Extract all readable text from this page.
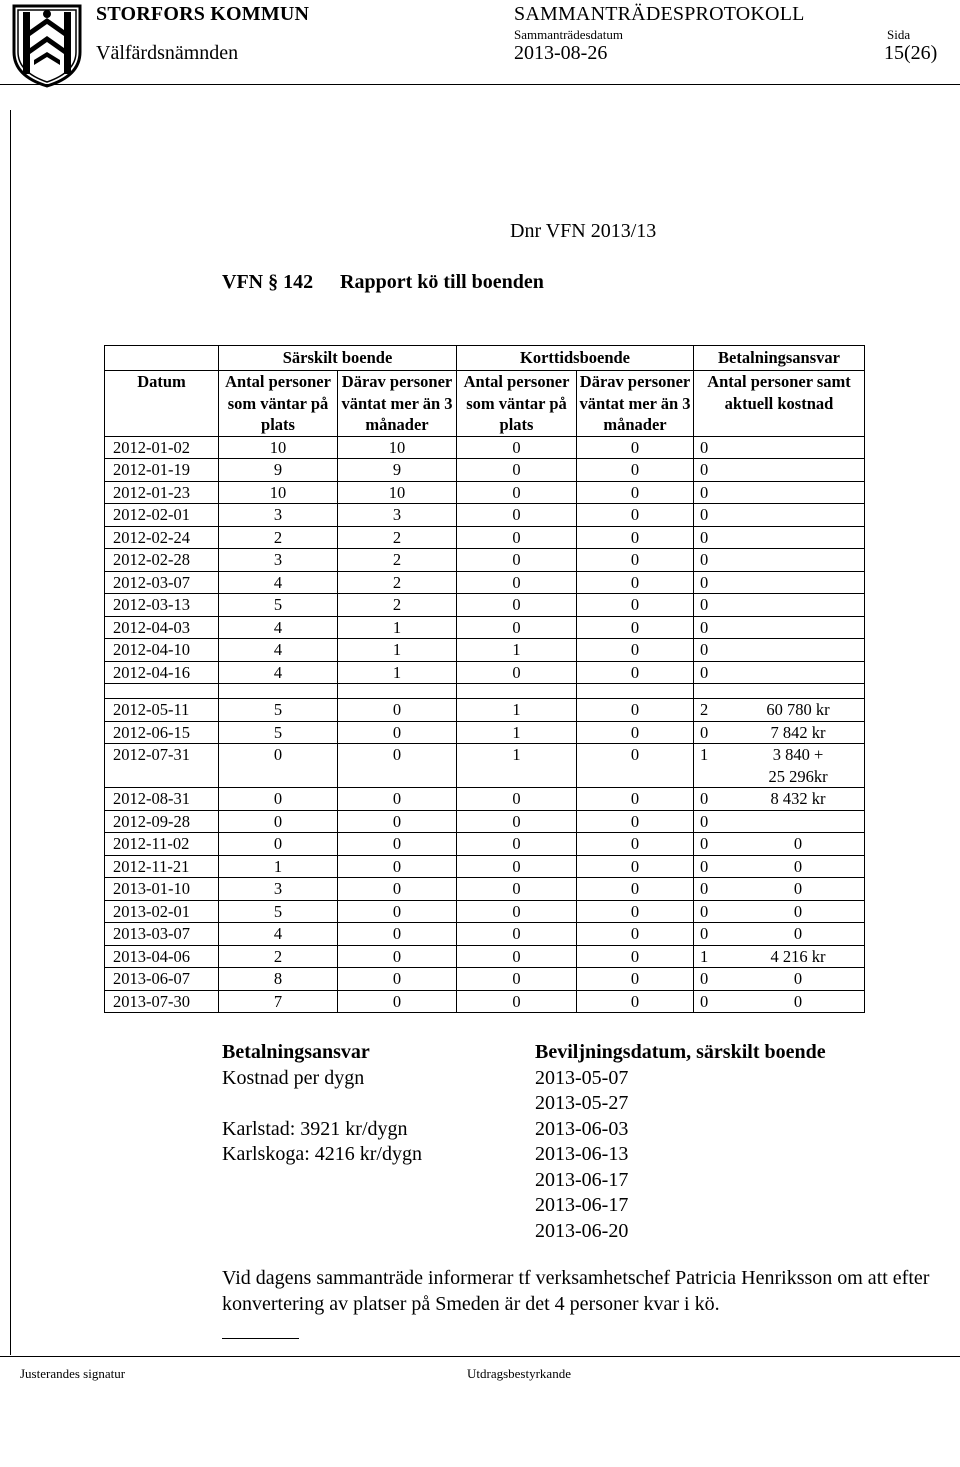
STORFORS KOMMUN	SAMMANTRÄDESPROTOKOLL
Sammanträdesdatum	Sida
Välfärdsnämnden	2013-08-26	15(26)
Dnr VFN 2013/13
VFN § 142 Rapport kö till boenden
	Särskilt boende		Korttidsboende		Betalningsansvar
Datum	Antal personer som väntar på plats	Därav personer väntat mer än 3 månader	Antal personer som väntar på plats	Därav personer väntat mer än 3 månader	Antal personer samt aktuell kostnad
2012-01-02	10	10	0	0	0

2012-01-19	9	9	0	0	0

2012-01-23	10	10	0	0	0

2012-02-01	3	3	0	0	0

2012-02-24	2	2	0	0	0

2012-02-28	3	2	0	0	0

2012-03-07	4	2	0	0	0

2012-03-13	5	2	0	0	0

2012-04-03	4	1	0	0	0

2012-04-10	4	1	1	0	0

2012-04-16	4	1	0	0	0

2012-05-11	5	0	1	0	2 60 780 kr

2012-06-15	5	0	1	0	0 7 842 kr

2012-07-31	0	0	1	0	1 3 840 +
25 296kr

2012-08-31	0	0	0	0	0 8 432 kr

2012-09-28	0	0	0	0	0

2012-11-02	0	0	0	0	0 0

2012-11-21	1	0	0	0	0 0

2013-01-10	3	0	0	0	0 0

2013-02-01	5	0	0	0	0 0

2013-03-07	4	0	0	0	0 0

2013-04-06	2	0	0	0	1 4 216 kr

2013-06-07	8	0	0	0	0 0

2013-07-30	7	0	0	0	0 0
Betalningsansvar
Kostnad per dygn
Karlstad: 3921 kr/dygn
Karlskoga: 4216 kr/dygn
Beviljningsdatum, särskilt boende
2013-05-07
2013-05-27
2013-06-03
2013-06-13
2013-06-17
2013-06-17
2013-06-20
Vid dagens sammanträde informerar tf verksamhetschef Patricia Henriksson om att efter konvertering av platser på Smeden är det 4 personer kvar i kö.
Justerandes signatur	Utdragsbestyrkande
